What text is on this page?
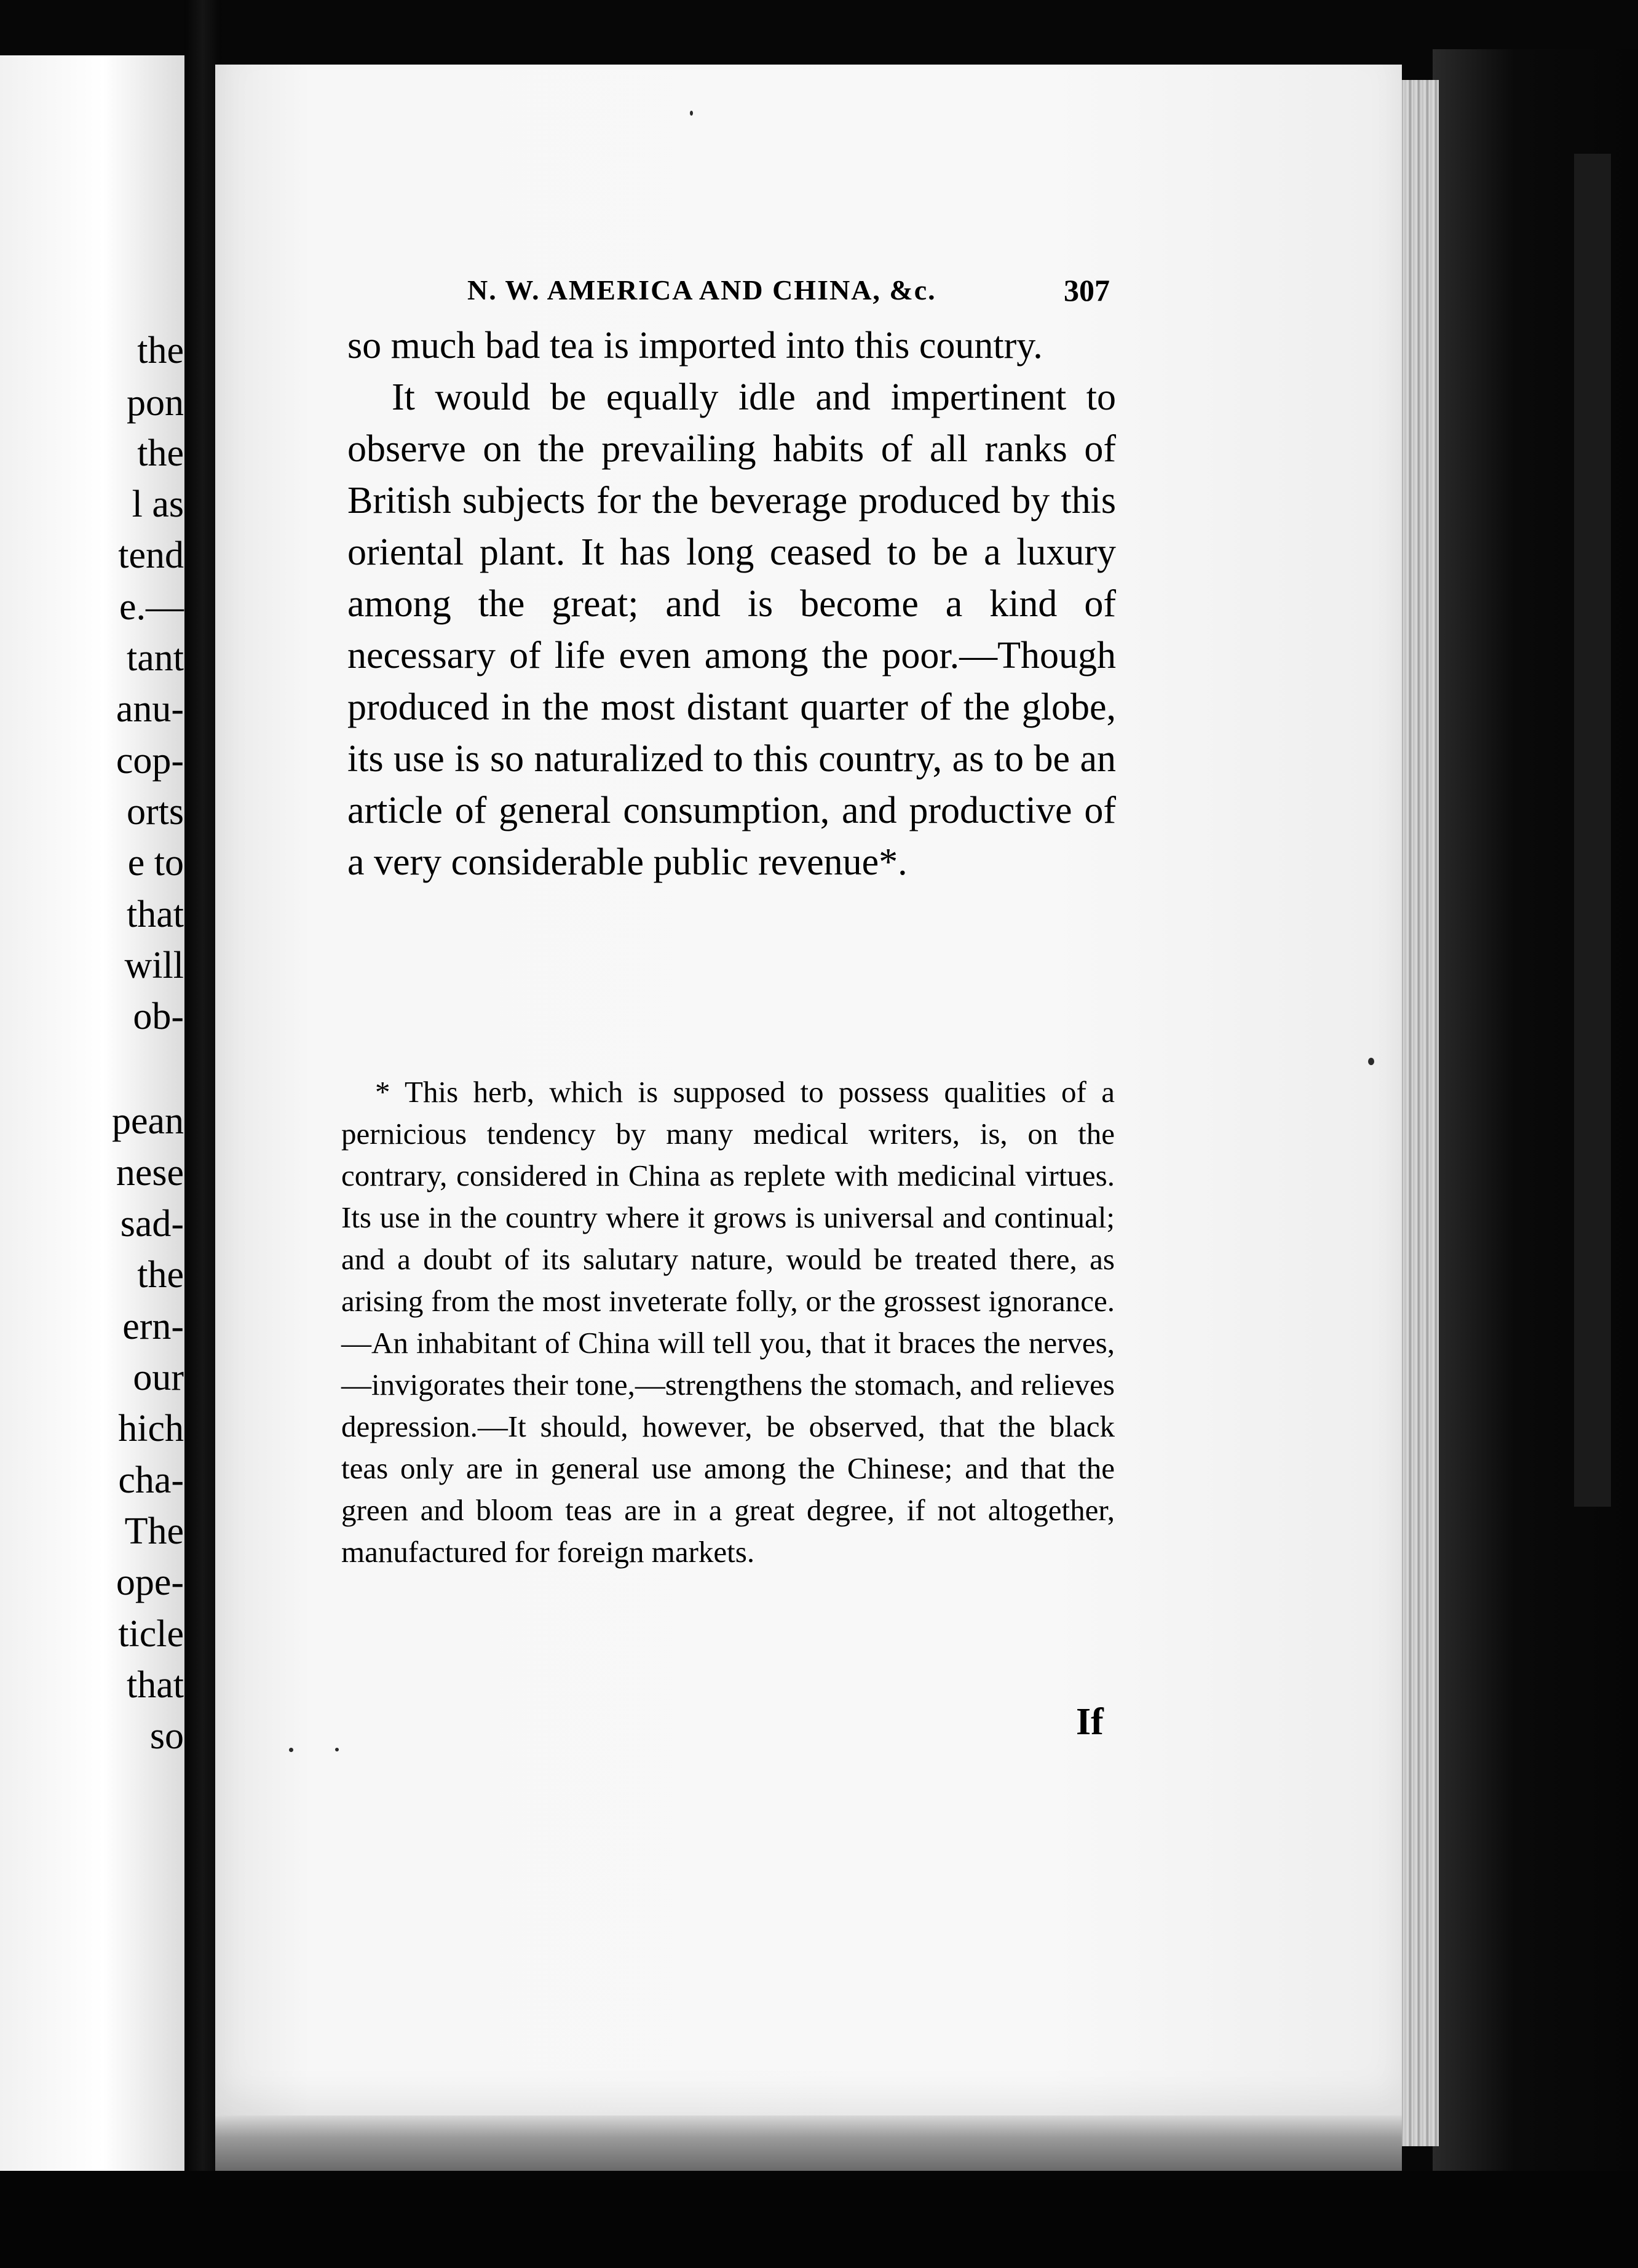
the
pon
the
l as
tend
e.—
tant
anu-
cop-
orts
e to
that
will
ob-
pean
nese
sad-
the
ern-
our
hich
cha-
The
ope-
ticle
that
so
N. W. AMERICA AND CHINA, &c.	307

so much bad tea is imported into this country.

It would be equally idle and impertinent to observe on the prevailing habits of all ranks of British subjects for the beverage produced by this oriental plant. It has long ceased to be a luxury among the great; and is become a kind of necessary of life even among the poor.—Though produced in the most distant quarter of the globe, its use is so naturalized to this country, as to be an article of general consumption, and productive of a very considerable public revenue*.

* This herb, which is supposed to possess qualities of a pernicious tendency by many medical writers, is, on the contrary, considered in China as replete with medicinal virtues. Its use in the country where it grows is universal and continual; and a doubt of its salutary nature, would be treated there, as arising from the most inveterate folly, or the grossest ignorance.—An inhabitant of China will tell you, that it braces the nerves,—invigorates their tone,—strengthens the stomach, and relieves depression.—It should, however, be observed, that the black teas only are in general use among the Chinese; and that the green and bloom teas are in a great degree, if not altogether, manufactured for foreign markets.

If
